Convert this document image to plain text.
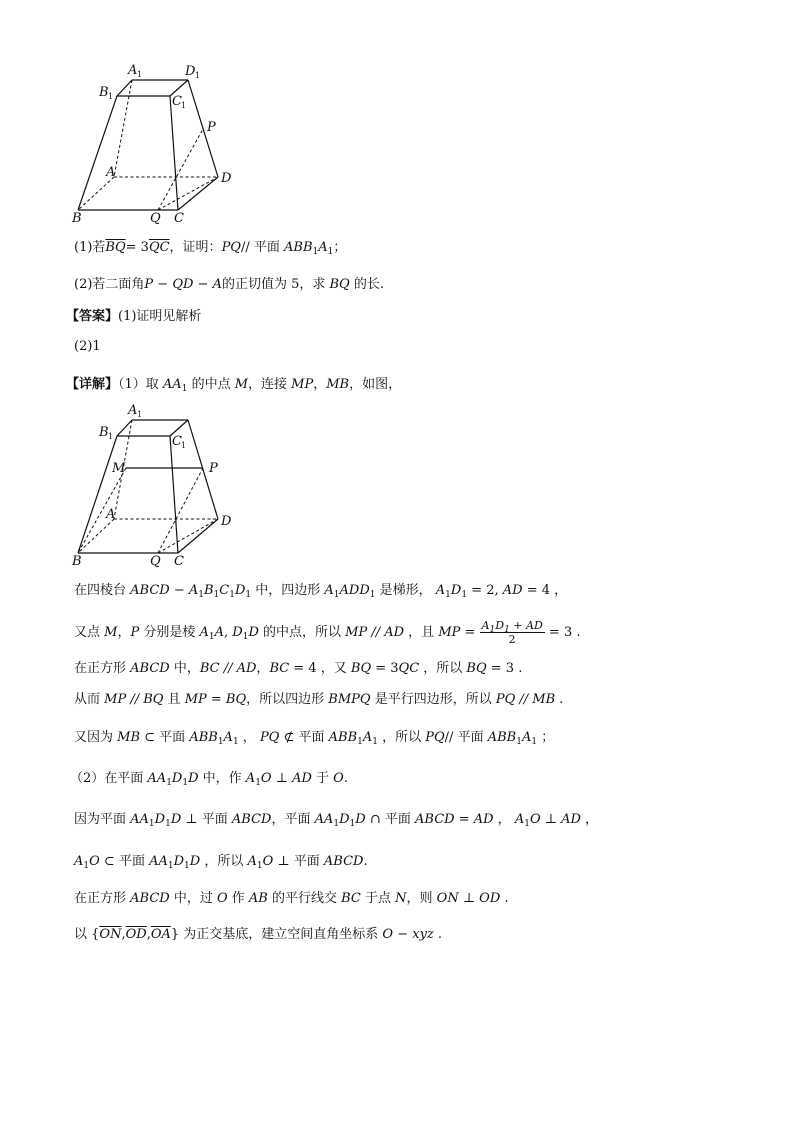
A 1	D 1
B 1	C 1
P
A	D
B	Q C
(1)若$\overline{BQ}= 3\overline{QC}$，证明：PQ// 平面 $ABB_1A_1$；
(2)若二面角P − QD − A的正切值为 5，求 BQ 的长.
【答案】(1)证明见解析
(2)1
【详解】（1）取 $AA_1$ 的中点 M，连接 MP，MB，如图，
A 1
B 1	C 1
M	P
A	D
B	Q C
在四棱台 ABCD − $A_1B_1C_1D_1$ 中，四边形 $A_1ADD_1$ 是梯形， $A_1D_1 = 2$, AD = 4 ，
又点 M，P 分别是棱 $A_1A$, $D_1D$ 的中点，所以 MP // AD ，且 MP = $\frac{A_1D_1 + AD}{2} = 3$ .
在正方形 ABCD 中，BC // AD，BC = 4 ，又 BQ = 3QC ，所以 BQ = 3 .
从而 MP // BQ 且 MP = BQ，所以四边形 BMPQ 是平行四边形，所以 PQ // MB .
又因为 MB ⊂ 平面 $ABB_1A_1$ ， PQ ⊄ 平面 $ABB_1A_1$ ，所以 PQ// 平面 $ABB_1A_1$ ；
（2）在平面 $AA_1D_1D$ 中，作 $A_1O$ ⊥ AD 于 O.
因为平面 $AA_1D_1D$ ⊥ 平面 ABCD，平面 $AA_1D_1D$ ∩ 平面 ABCD = AD ， $A_1O$ ⊥ AD ，
$A_1O$ ⊂ 平面 $AA_1D_1D$ ，所以 $A_1O$ ⊥ 平面 ABCD.
在正方形 ABCD 中，过 O 作 AB 的平行线交 BC 于点 N，则 ON ⊥ OD .
以 $\{\overline{ON},\overline{OD},\overline{OA}\}$ 为正交基底，建立空间直角坐标系 O − xyz .
